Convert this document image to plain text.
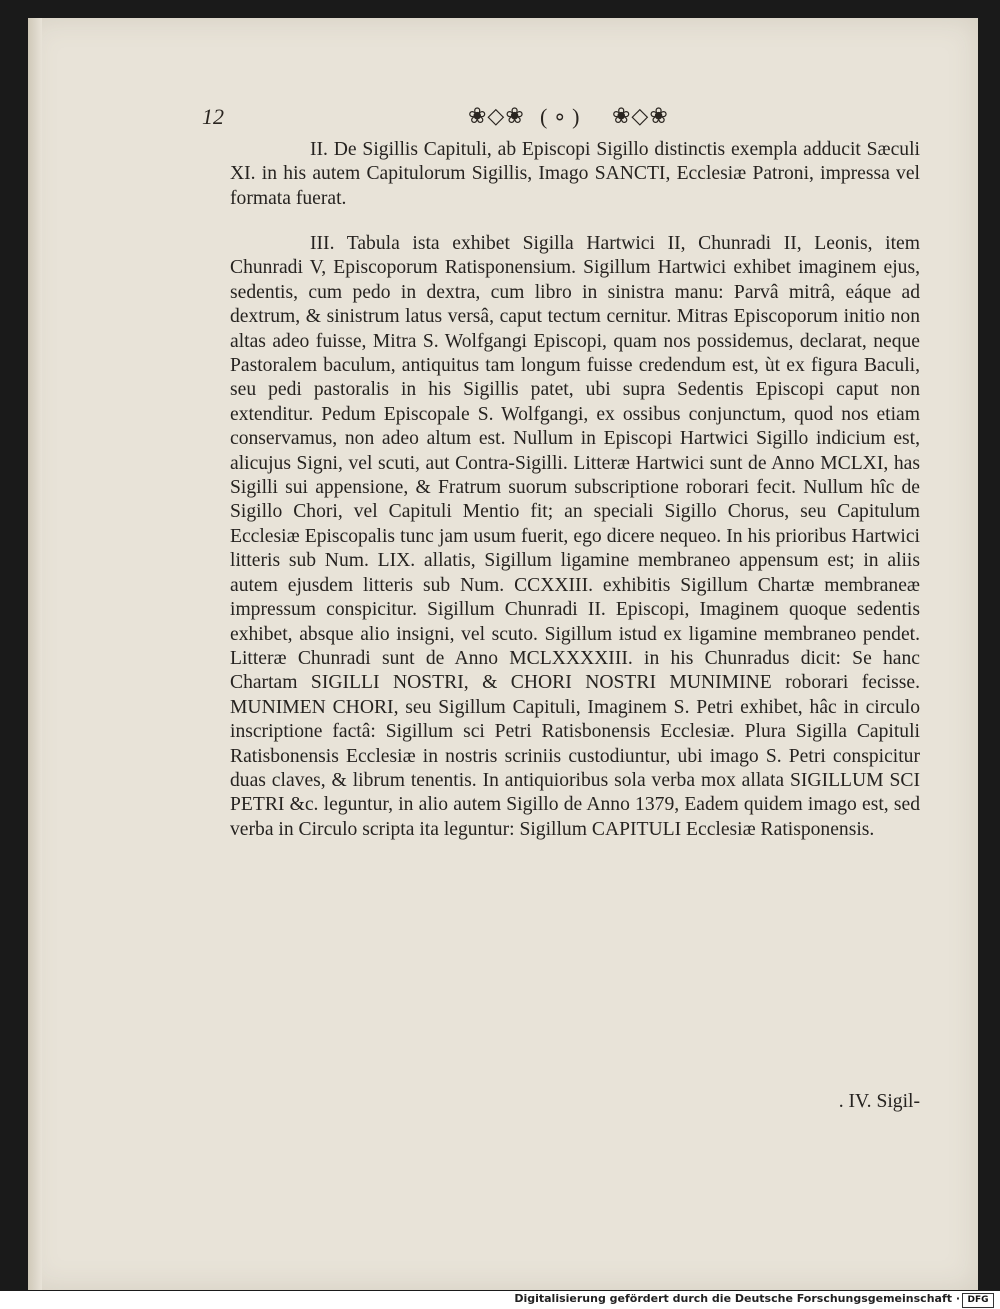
12	❀◇❀ ( ∘ ) ❀◇❀
II. De Sigillis Capituli, ab Episcopi Sigillo distinctis exempla adducit Sæculi XI. in his autem Capitulorum Sigillis, Imago SANCTI, Ecclesiæ Patroni, impressa vel formata fuerat.
III. Tabula ista exhibet Sigilla Hartwici II, Chunradi II, Leonis, item Chunradi V, Episcoporum Ratisponensium. Sigillum Hartwici exhibet imaginem ejus, sedentis, cum pedo in dextra, cum libro in sinistra manu: Parvâ mitrâ, eáque ad dextrum, & sinistrum latus versâ, caput tectum cernitur. Mitras Episcoporum initio non altas adeo fuisse, Mitra S. Wolfgangi Episcopi, quam nos possidemus, declarat, neque Pastoralem baculum, antiquitus tam longum fuisse credendum est, ùt ex figura Baculi, seu pedi pastoralis in his Sigillis patet, ubi supra Sedentis Episcopi caput non extenditur. Pedum Episcopale S. Wolfgangi, ex ossibus conjunctum, quod nos etiam conservamus, non adeo altum est. Nullum in Episcopi Hartwici Sigillo indicium est, alicujus Signi, vel scuti, aut Contra-Sigilli. Litteræ Hartwici sunt de Anno MCLXI, has Sigilli sui appensione, & Fratrum suorum subscriptione roborari fecit. Nullum hîc de Sigillo Chori, vel Capituli Mentio fit; an speciali Sigillo Chorus, seu Capitulum Ecclesiæ Episcopalis tunc jam usum fuerit, ego dicere nequeo. In his prioribus Hartwici litteris sub Num. LIX. allatis, Sigillum ligamine membraneo appensum est; in aliis autem ejusdem litteris sub Num. CCXXIII. exhibitis Sigillum Chartæ membraneæ impressum conspicitur. Sigillum Chunradi II. Episcopi, Imaginem quoque sedentis exhibet, absque alio insigni, vel scuto. Sigillum istud ex ligamine membraneo pendet. Litteræ Chunradi sunt de Anno MCLXXXXIII. in his Chunradus dicit: Se hanc Chartam SIGILLI NOSTRI, & CHORI NOSTRI MUNIMINE roborari fecisse. MUNIMEN CHORI, seu Sigillum Capituli, Imaginem S. Petri exhibet, hâc in circulo inscriptione factâ: Sigillum sci Petri Ratisbonensis Ecclesiæ. Plura Sigilla Capituli Ratisbonensis Ecclesiæ in nostris scriniis custodiuntur, ubi imago S. Petri conspicitur duas claves, & librum tenentis. In antiquioribus sola verba mox allata SIGILLUM SCI PETRI &c. leguntur, in alio autem Sigillo de Anno 1379, Eadem quidem imago est, sed verba in Circulo scripta ita leguntur: Sigillum CAPITULI Ecclesiæ Ratisponensis.
. IV. Sigil-
Digitalisierung gefördert durch die Deutsche Forschungsgemeinschaft · DFG
